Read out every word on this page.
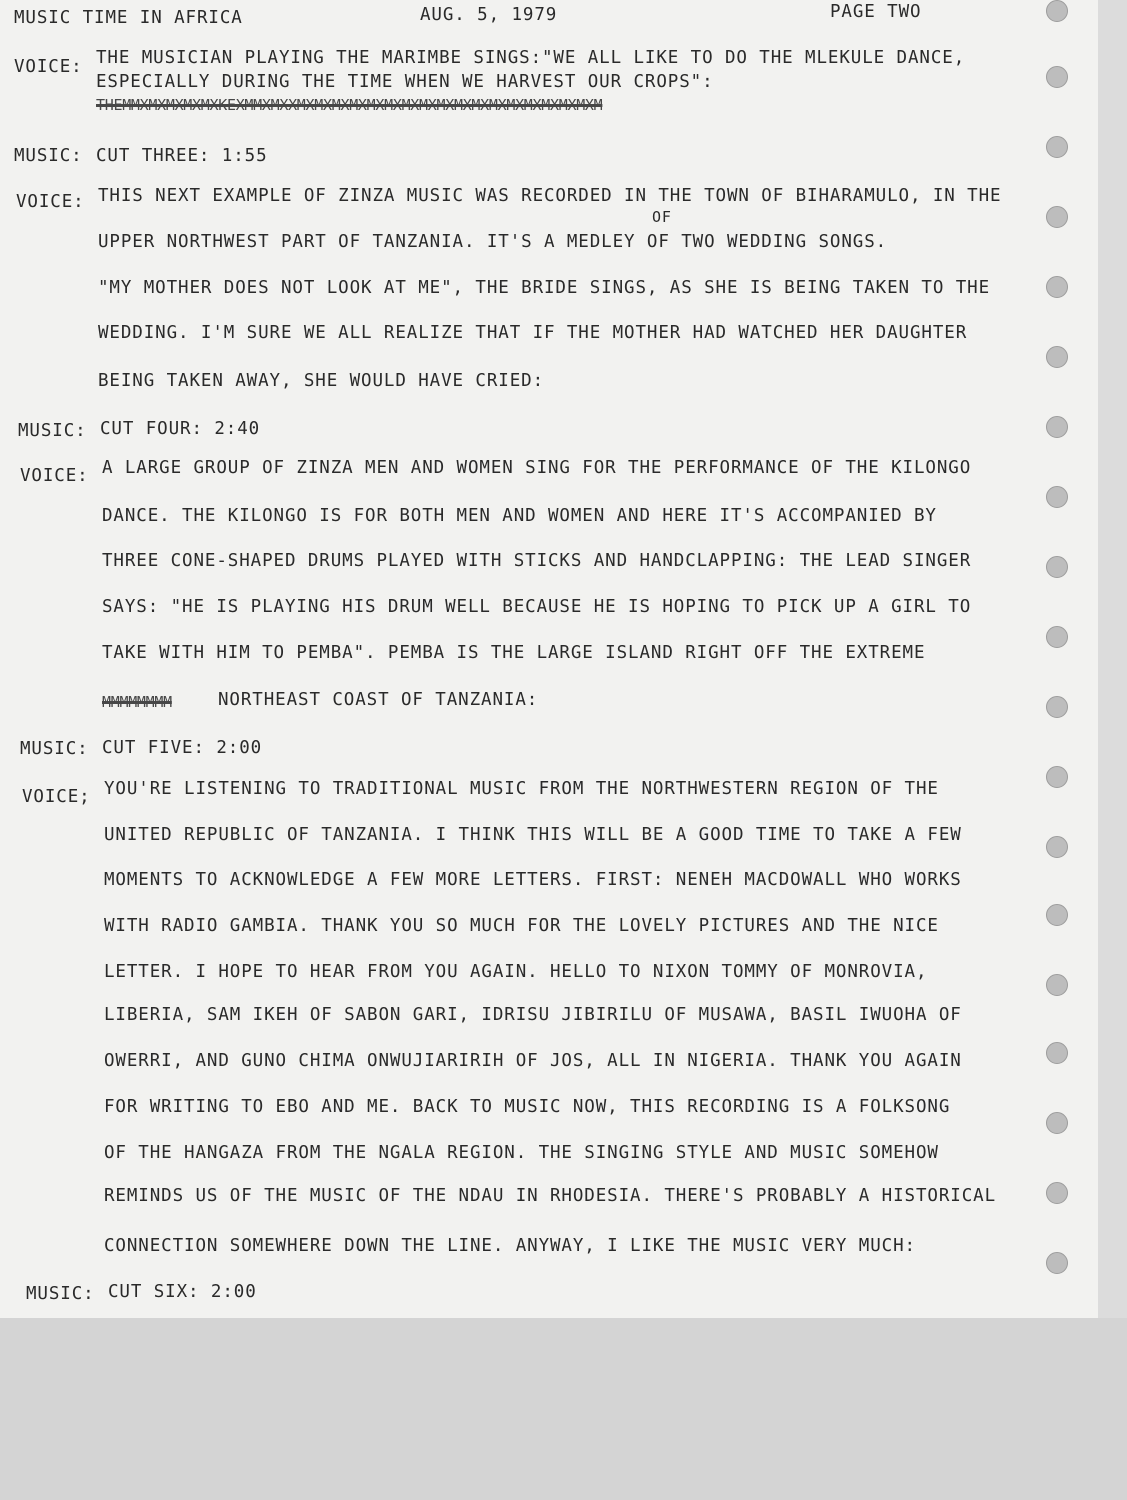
MUSIC TIME IN AFRICA	AUG. 5, 1979	PAGE TWO
VOICE: THE MUSICIAN PLAYING THE MARIMBE SINGS:"WE ALL LIKE TO DO THE MLEKULE DANCE,
ESPECIALLY DURING THE TIME WHEN WE HARVEST OUR CROPS":
THEMMXMXMXMXMXKEXMMXMXXMXMXMXMXMXMXMXMXMXMXMXMXMXMXMXMXMXM
MUSIC: CUT THREE: 1:55
VOICE: THIS NEXT EXAMPLE OF ZINZA MUSIC WAS RECORDED IN THE TOWN OF BIHARAMULO, IN THE
OF
UPPER NORTHWEST PART OF TANZANIA. IT'S A MEDLEY OF TWO WEDDING SONGS.
"MY MOTHER DOES NOT LOOK AT ME", THE BRIDE SINGS, AS SHE IS BEING TAKEN TO THE
WEDDING. I'M SURE WE ALL REALIZE THAT IF THE MOTHER HAD WATCHED HER DAUGHTER
BEING TAKEN AWAY, SHE WOULD HAVE CRIED:
MUSIC: CUT FOUR: 2:40
VOICE: A LARGE GROUP OF ZINZA MEN AND WOMEN SING FOR THE PERFORMANCE OF THE KILONGO
DANCE. THE KILONGO IS FOR BOTH MEN AND WOMEN AND HERE IT'S ACCOMPANIED BY
THREE CONE-SHAPED DRUMS PLAYED WITH STICKS AND HANDCLAPPING: THE LEAD SINGER
SAYS: "HE IS PLAYING HIS DRUM WELL BECAUSE HE IS HOPING TO PICK UP A GIRL TO
TAKE WITH HIM TO PEMBA". PEMBA IS THE LARGE ISLAND RIGHT OFF THE EXTREME
MMMMMMMM	NORTHEAST COAST OF TANZANIA:
MUSIC: CUT FIVE: 2:00
VOICE; YOU'RE LISTENING TO TRADITIONAL MUSIC FROM THE NORTHWESTERN REGION OF THE
UNITED REPUBLIC OF TANZANIA. I THINK THIS WILL BE A GOOD TIME TO TAKE A FEW
MOMENTS TO ACKNOWLEDGE A FEW MORE LETTERS. FIRST: NENEH MACDOWALL WHO WORKS
WITH RADIO GAMBIA. THANK YOU SO MUCH FOR THE LOVELY PICTURES AND THE NICE
LETTER. I HOPE TO HEAR FROM YOU AGAIN. HELLO TO NIXON TOMMY OF MONROVIA,
LIBERIA, SAM IKEH OF SABON GARI, IDRISU JIBIRILU OF MUSAWA, BASIL IWUOHA OF
OWERRI, AND GUNO CHIMA ONWUJIARIRIH OF JOS, ALL IN NIGERIA. THANK YOU AGAIN
FOR WRITING TO EBO AND ME. BACK TO MUSIC NOW, THIS RECORDING IS A FOLKSONG
OF THE HANGAZA FROM THE NGALA REGION. THE SINGING STYLE AND MUSIC SOMEHOW
REMINDS US OF THE MUSIC OF THE NDAU IN RHODESIA. THERE'S PROBABLY A HISTORICAL
CONNECTION SOMEWHERE DOWN THE LINE. ANYWAY, I LIKE THE MUSIC VERY MUCH:
MUSIC: CUT SIX: 2:00
